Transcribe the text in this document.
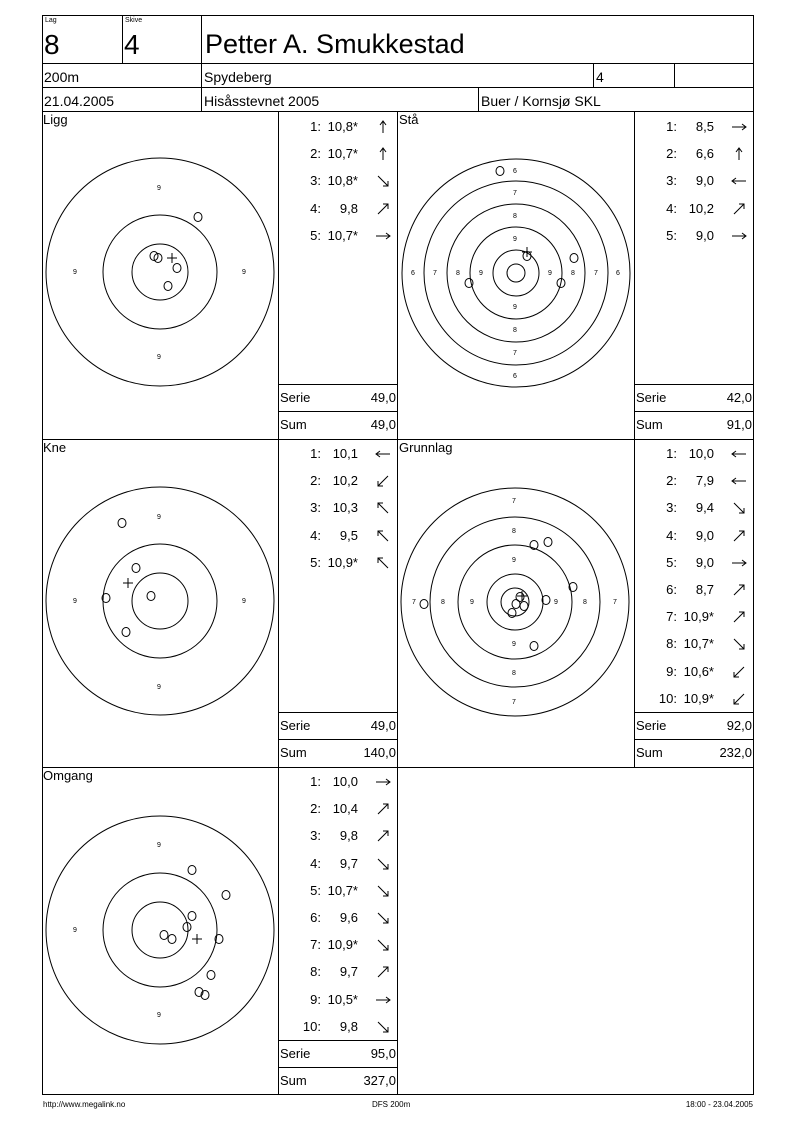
Lag
8
Skive
4 Petter A. Smukkestad
200m	Spydeberg	4
21.04.2005	Hisåsstevnet 2005	Buer / Kornsjø SKL
Ligg	Stå
Kne	Grunnlag
Omgang
9
9
9	9
6
7
8
9
9
8
7
6
6	7	8	9	9	8	7	6
9
9
9	9
7
8
9
9
8
7
7	8	9	9	8	7
9
9
9
1: 10,8*
2: 10,7*
3: 10,8*
4: 9,8
5: 10,7*
1: 8,5
2: 6,6
3: 9,0
4: 10,2
5: 9,0
1: 10,1
2: 10,2
3: 10,3
4: 9,5
5: 10,9*
1: 10,0
2: 7,9
3: 9,4
4: 9,0
5: 9,0
6: 8,7
7: 10,9*
8: 10,7*
9: 10,6*
10: 10,9*
1: 10,0
2: 10,4
3: 9,8
4: 9,7
5: 10,7*
6: 9,6
7: 10,9*
8: 9,7
9: 10,5*
10: 9,8
Serie	49,0
Sum	49,0
Serie	42,0
Sum	91,0
Serie	49,0
Sum	140,0
Serie	92,0
Sum	232,0
Serie	95,0
Sum	327,0
http://www.megalink.no	DFS 200m	18:00 - 23.04.2005
